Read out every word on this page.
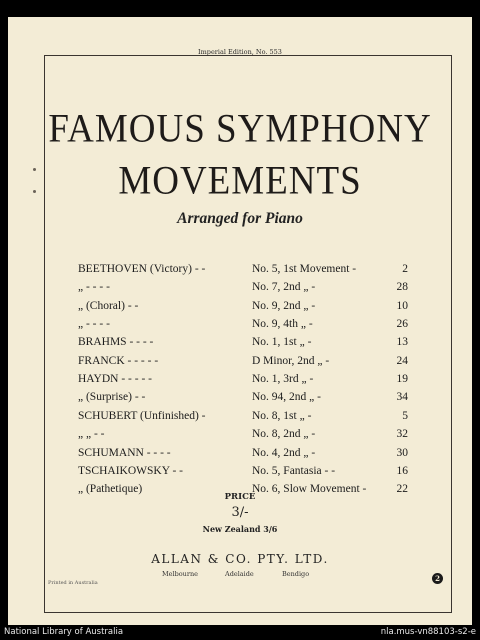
Imperial Edition, No. 553
FAMOUS SYMPHONY
MOVEMENTS
Arranged for Piano
BEETHOVEN (Victory) - -	No. 5, 1st Movement -	2
„ - - - -	No. 7, 2nd „ -	28
„ (Choral) - -	No. 9, 2nd „ -	10
„ - - - -	No. 9, 4th „ -	26
BRAHMS - - - -	No. 1, 1st „ -	13
FRANCK - - - - -	D Minor, 2nd „ -	24
HAYDN - - - - -	No. 1, 3rd „ -	19
„ (Surprise) - -	No. 94, 2nd „ -	34
SCHUBERT (Unfinished) -	No. 8, 1st „ -	5
„ „ - -	No. 8, 2nd „ -	32
SCHUMANN - - - -	No. 4, 2nd „ -	30
TSCHAIKOWSKY - -	No. 5, Fantasia - -	16
„ (Pathetique)	No. 6, Slow Movement -	22
PRICE
3/-
New Zealand 3/6
ALLAN & CO. PTY. LTD.
Melbourne	Adelaide	Bendigo
Printed in Australia	2
National Library of Australia	nla.mus-vn88103-s2-e
